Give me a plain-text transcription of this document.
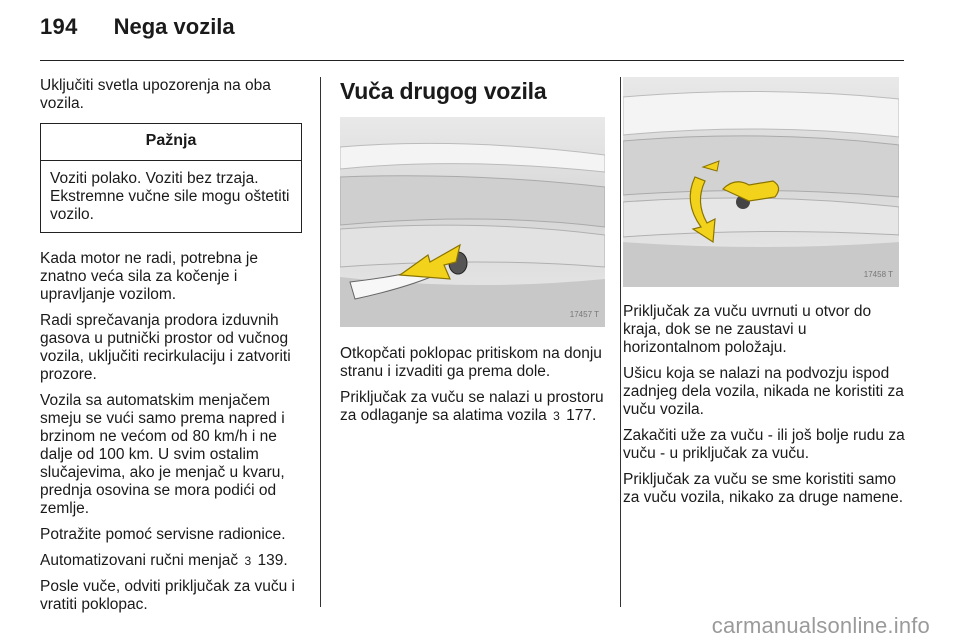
194 Nega vozila

Uključiti svetla upozorenja na oba vozila.

Pažnja
Voziti polako. Voziti bez trzaja. Ekstremne vučne sile mogu oštetiti vozilo.

Kada motor ne radi, potrebna je znatno veća sila za kočenje i upravljanje vozilom.

Radi sprečavanja prodora izduvnih gasova u putnički prostor od vučnog vozila, uključiti recirkulaciju i zatvoriti prozore.

Vozila sa automatskim menjačem smeju se vući samo prema napred i brzinom ne većom od 80 km/h i ne dalje od 100 km. U svim ostalim slučajevima, ako je menjač u kvaru, prednja osovina se mora podići od zemlje.

Potražite pomoć servisne radionice.

Automatizovani ručni menjač 3 139.

Posle vuče, odviti priključak za vuču i vratiti poklopac.

Vuča drugog vozila
17457 T

Otkopčati poklopac pritiskom na donju stranu i izvaditi ga prema dole.

Priključak za vuču se nalazi u prostoru za odlaganje sa alatima vozila 3 177.

17458 T

Priključak za vuču uvrnuti u otvor do kraja, dok se ne zaustavi u horizontalnom položaju.

Ušicu koja se nalazi na podvozju ispod zadnjeg dela vozila, nikada ne koristiti za vuču vozila.

Zakačiti uže za vuču - ili još bolje rudu za vuču - u priključak za vuču.

Priključak za vuču se sme koristiti samo za vuču vozila, nikako za druge namene.

carmanualsonline.info
